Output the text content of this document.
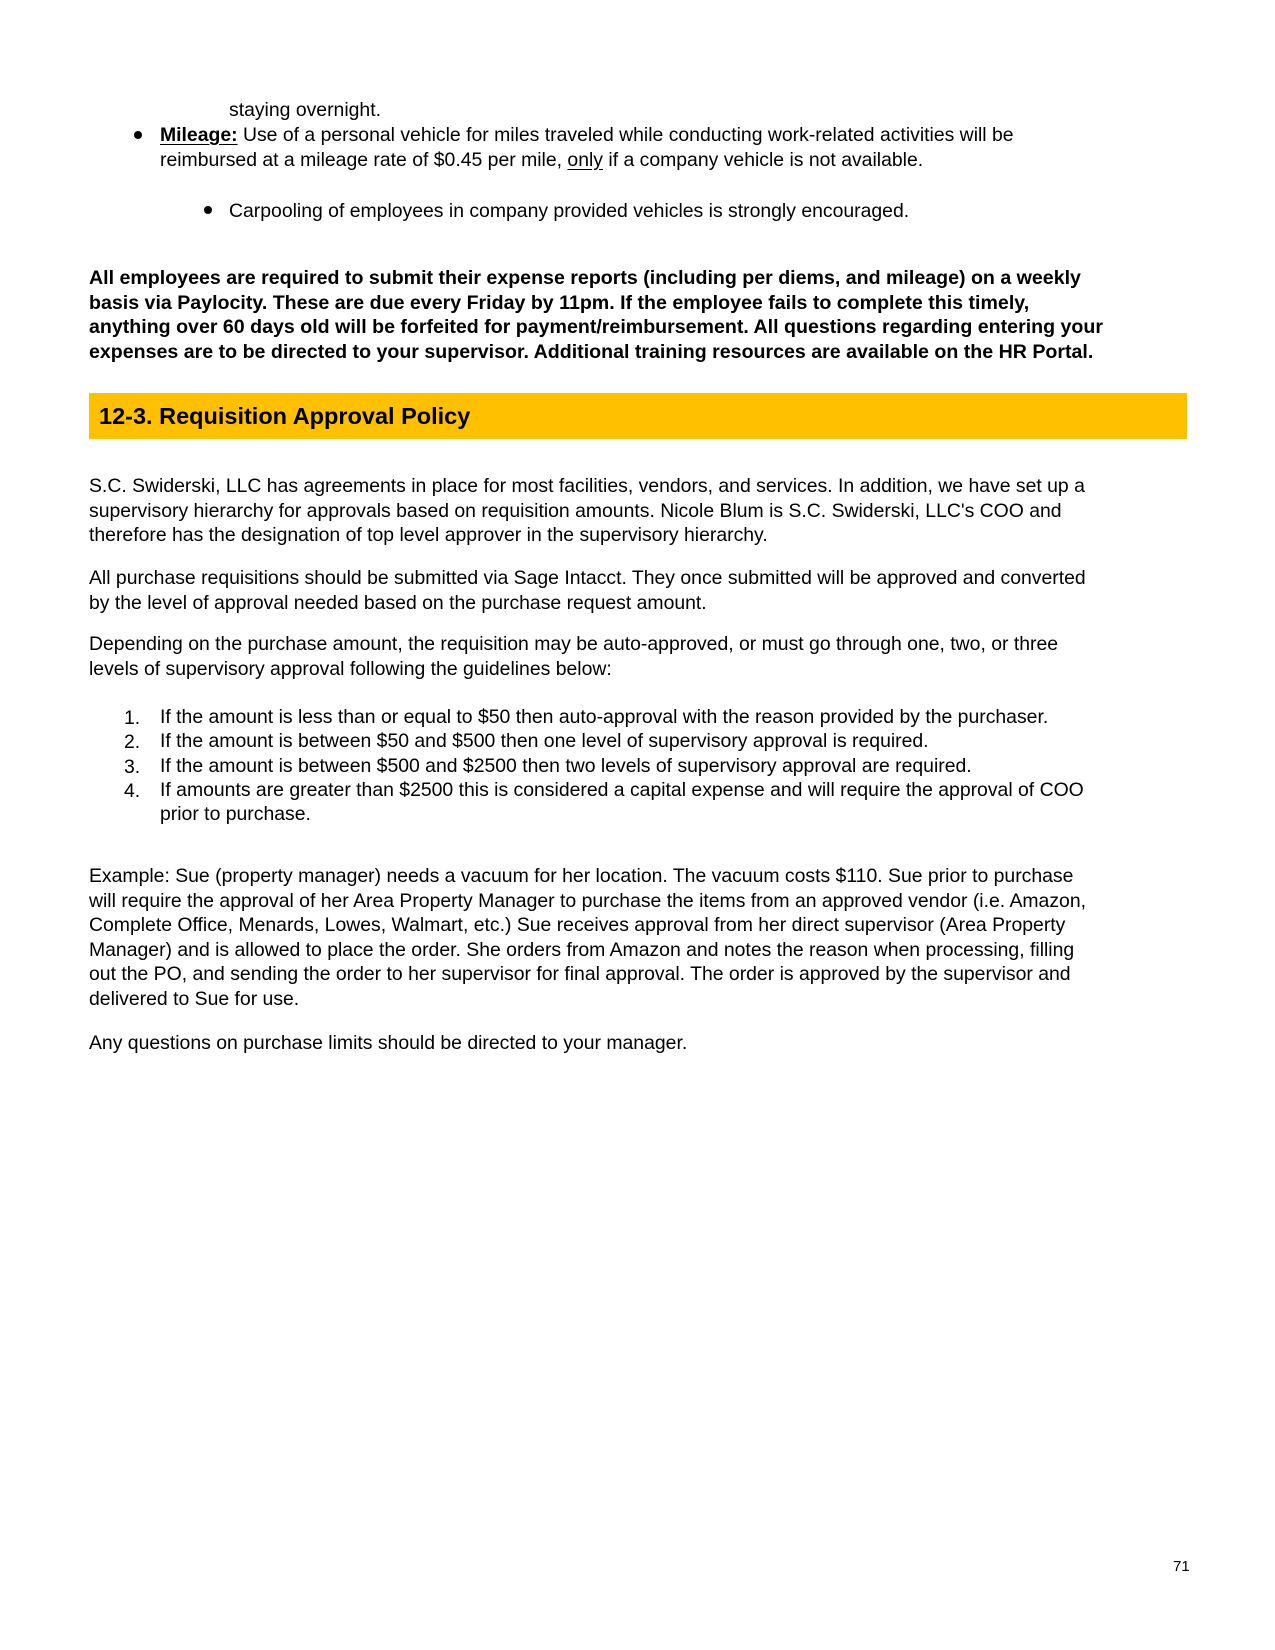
staying overnight.
Mileage: Use of a personal vehicle for miles traveled while conducting work-related activities will be
reimbursed at a mileage rate of $0.45 per mile, only if a company vehicle is not available.
Carpooling of employees in company provided vehicles is strongly encouraged.
All employees are required to submit their expense reports (including per diems, and mileage) on a weekly
basis via Paylocity. These are due every Friday by 11pm. If the employee fails to complete this timely,
anything over 60 days old will be forfeited for payment/reimbursement. All questions regarding entering your
expenses are to be directed to your supervisor. Additional training resources are available on the HR Portal.
12-3. Requisition Approval Policy
S.C. Swiderski, LLC has agreements in place for most facilities, vendors, and services. In addition, we have set up a
supervisory hierarchy for approvals based on requisition amounts. Nicole Blum is S.C. Swiderski, LLC's COO and
therefore has the designation of top level approver in the supervisory hierarchy.
All purchase requisitions should be submitted via Sage Intacct. They once submitted will be approved and converted
by the level of approval needed based on the purchase request amount.
Depending on the purchase amount, the requisition may be auto-approved, or must go through one, two, or three
levels of supervisory approval following the guidelines below:
1. If the amount is less than or equal to $50 then auto-approval with the reason provided by the purchaser.
2. If the amount is between $50 and $500 then one level of supervisory approval is required.
3. If the amount is between $500 and $2500 then two levels of supervisory approval are required.
4. If amounts are greater than $2500 this is considered a capital expense and will require the approval of COO
prior to purchase.
Example: Sue (property manager) needs a vacuum for her location. The vacuum costs $110. Sue prior to purchase
will require the approval of her Area Property Manager to purchase the items from an approved vendor (i.e. Amazon,
Complete Office, Menards, Lowes, Walmart, etc.) Sue receives approval from her direct supervisor (Area Property
Manager) and is allowed to place the order. She orders from Amazon and notes the reason when processing, filling
out the PO, and sending the order to her supervisor for final approval. The order is approved by the supervisor and
delivered to Sue for use.
Any questions on purchase limits should be directed to your manager.
71
